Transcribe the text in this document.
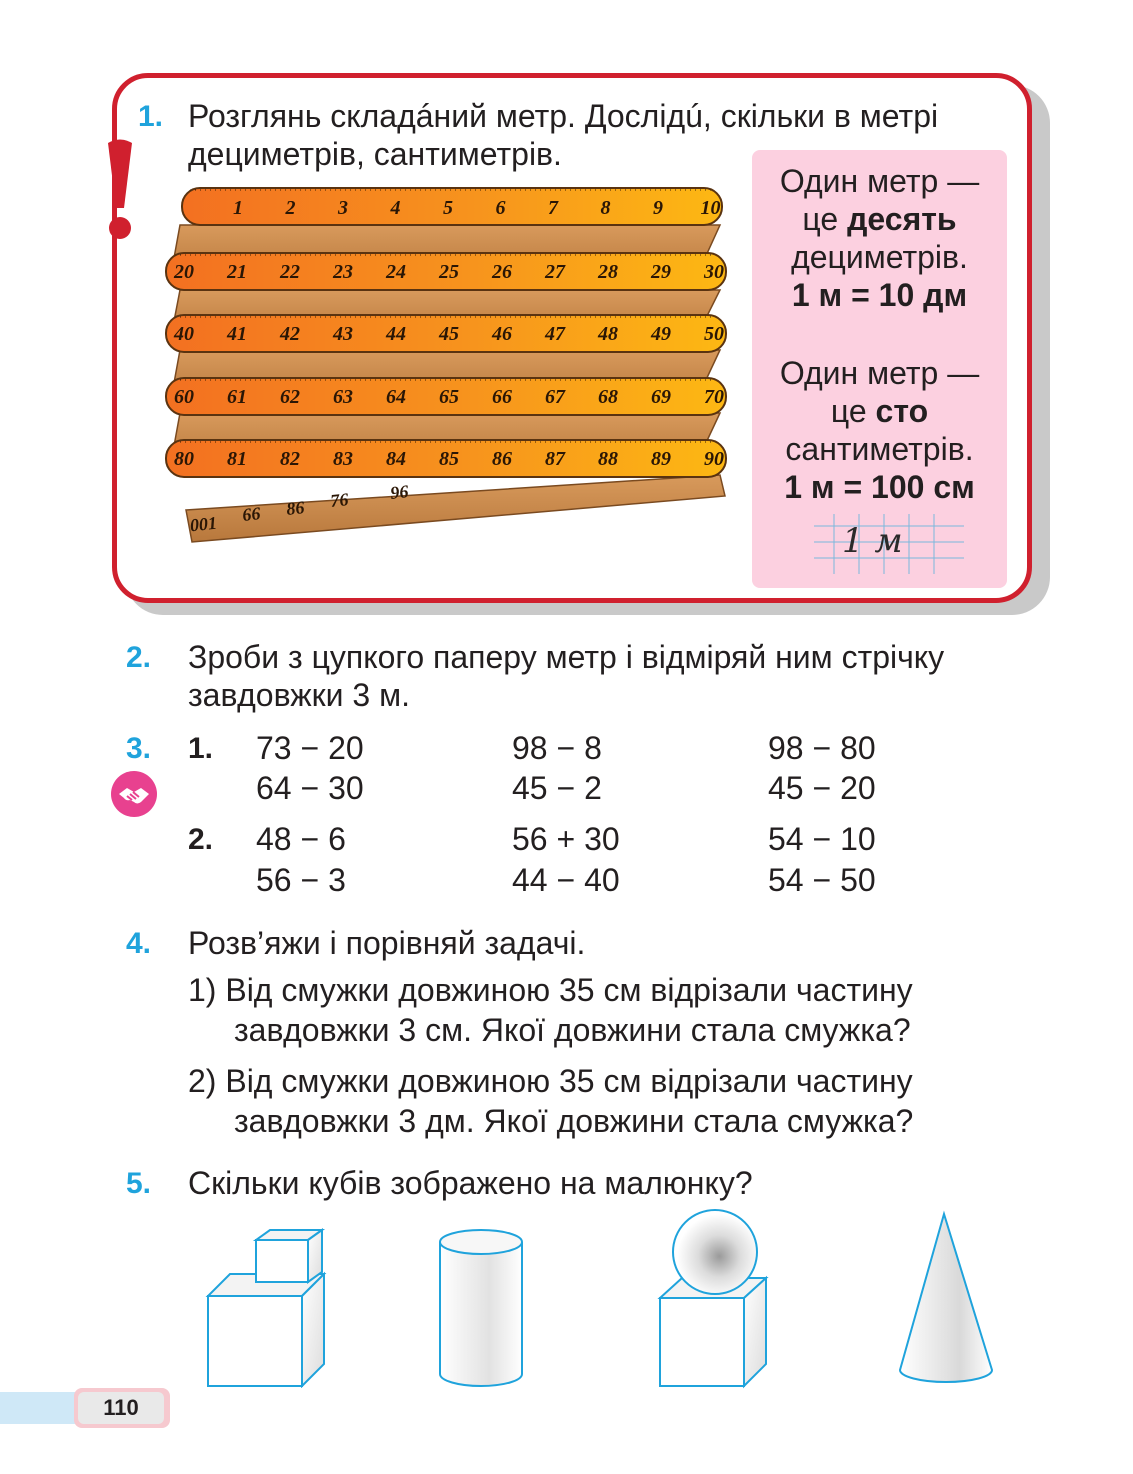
1. Розглянь складáний метр. Дослідú, скільки в метрі
дециметрів, сантиметрів.
1 2 3 4 5 6 7 8 9 10
20 21 22 23 24 25 26 27 28 29 30
40 41 42 43 44 45 46 47 48 49 50
60 61 62 63 64 65 66 67 68 69 70
80 81 82 83 84 85 86 87 88 89 90
001 66 86 76 96
Один метр —
це десять
дециметрів.
1 м = 10 дм
Один метр —
це сто
сантиметрів.
1 м = 100 см
1 м
2. Зроби з цупкого паперу метр і відміряй ним стрічку
завдовжки 3 м.
3. 1. 73 − 20
64 − 30
98 − 8
45 − 2
98 − 80
45 − 20
2. 48 − 6
56 − 3
56 + 30
44 − 40
54 − 10
54 − 50
4. Розв’яжи і порівняй задачі.
1) Від смужки довжиною 35 см відрізали частину
завдовжки 3 см. Якої довжини стала смужка?
2) Від смужки довжиною 35 см відрізали частину
завдовжки 3 дм. Якої довжини стала смужка?
5. Скільки кубів зображено на малюнку?
110
